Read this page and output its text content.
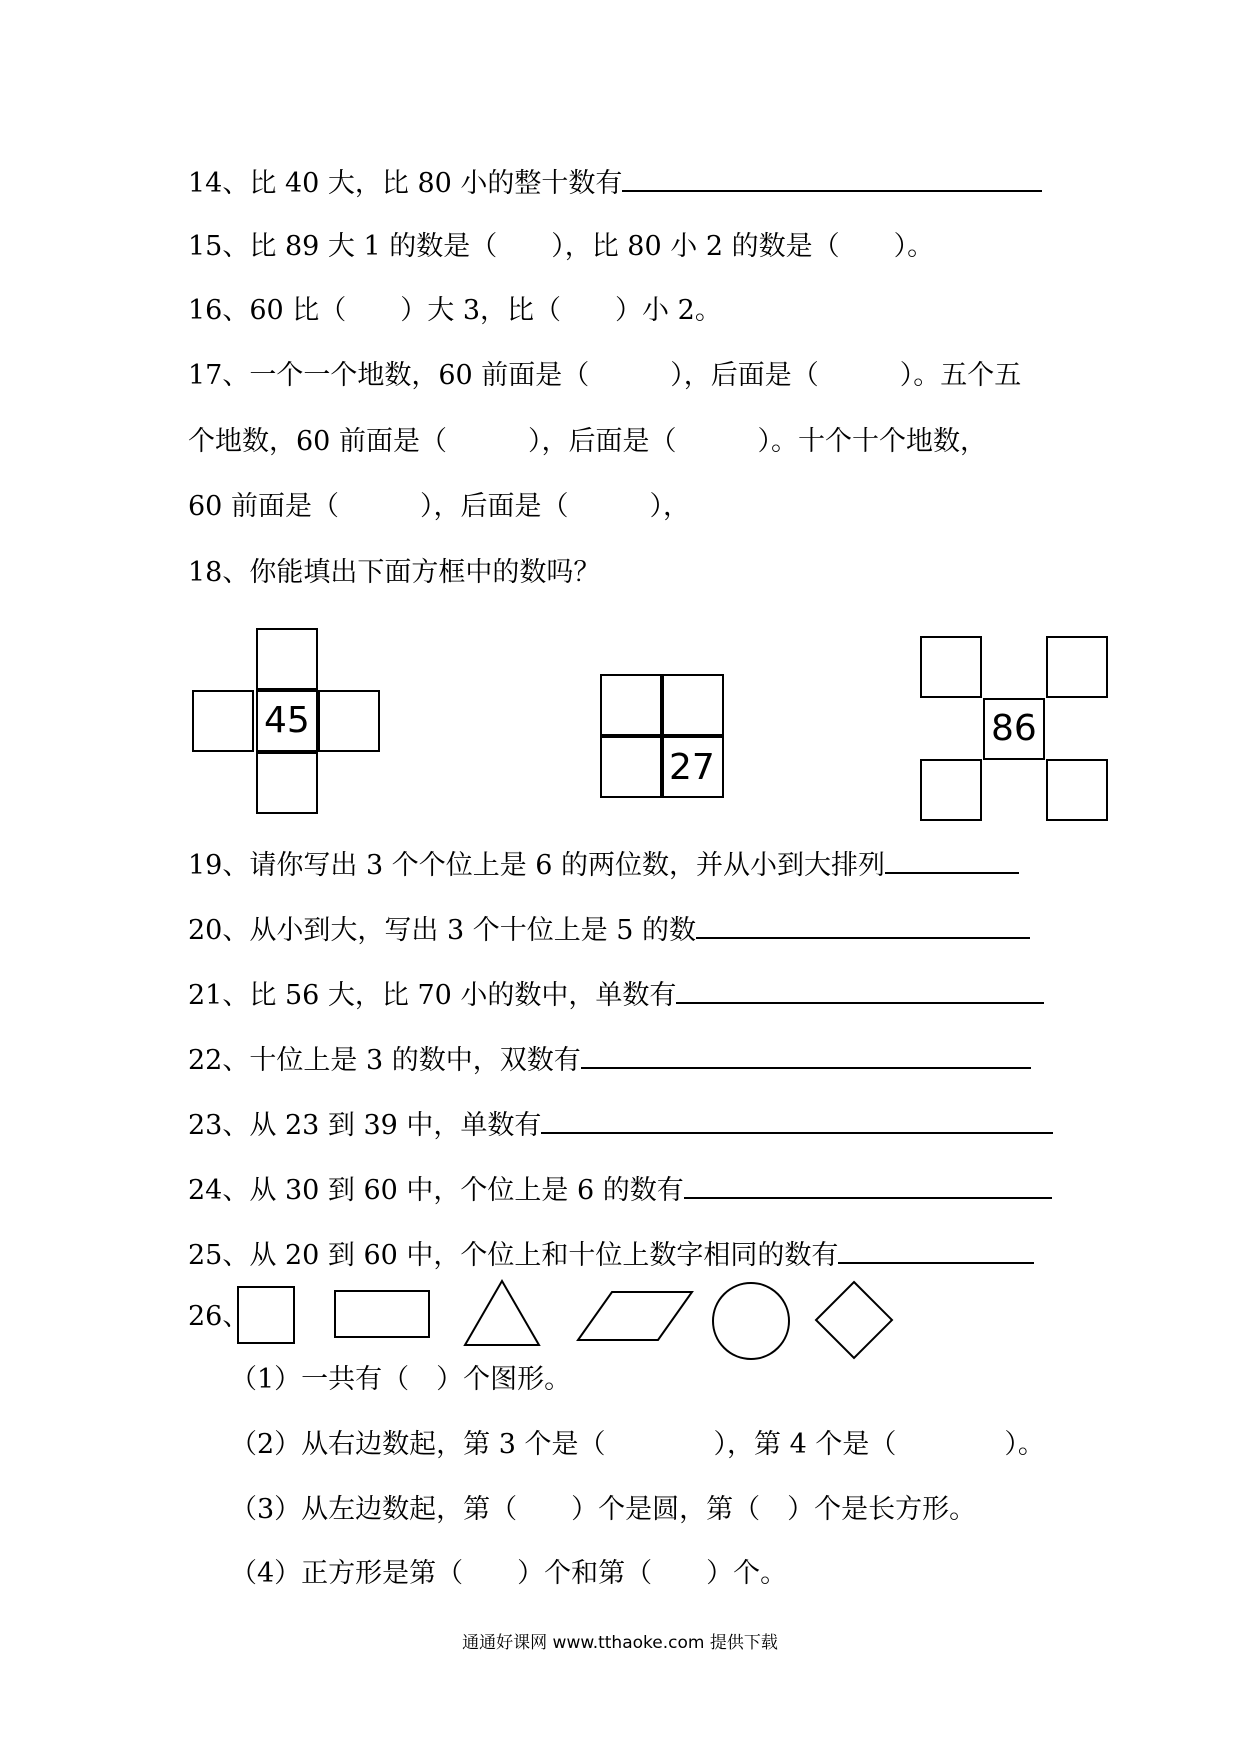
14、比 40 大，比 80 小的整十数有
15、比 89 大 1 的数是（　　），比 80 小 2 的数是（　　）。
16、60 比（　　）大 3，比（　　）小 2。
17、一个一个地数，60 前面是（　　　），后面是（　　　）。五个五
个地数，60 前面是（　　　），后面是（　　　）。十个十个地数，
60 前面是（　　　），后面是（　　　），
18、你能填出下面方框中的数吗？
45
27
86
19、请你写出 3 个个位上是 6 的两位数，并从小到大排列
20、从小到大，写出 3 个十位上是 5 的数
21、比 56 大，比 70 小的数中，单数有
22、十位上是 3 的数中，双数有
23、从 23 到 39 中，单数有
24、从 30 到 60 中，个位上是 6 的数有
25、从 20 到 60 中，个位上和十位上数字相同的数有
26、
（1）一共有（　）个图形。
（2）从右边数起，第 3 个是（　　　　），第 4 个是（　　　　）。
（3）从左边数起，第（　　）个是圆，第（　）个是长方形。
（4）正方形是第（　　）个和第（　　）个。
通通好课网 www.tthaoke.com 提供下载
